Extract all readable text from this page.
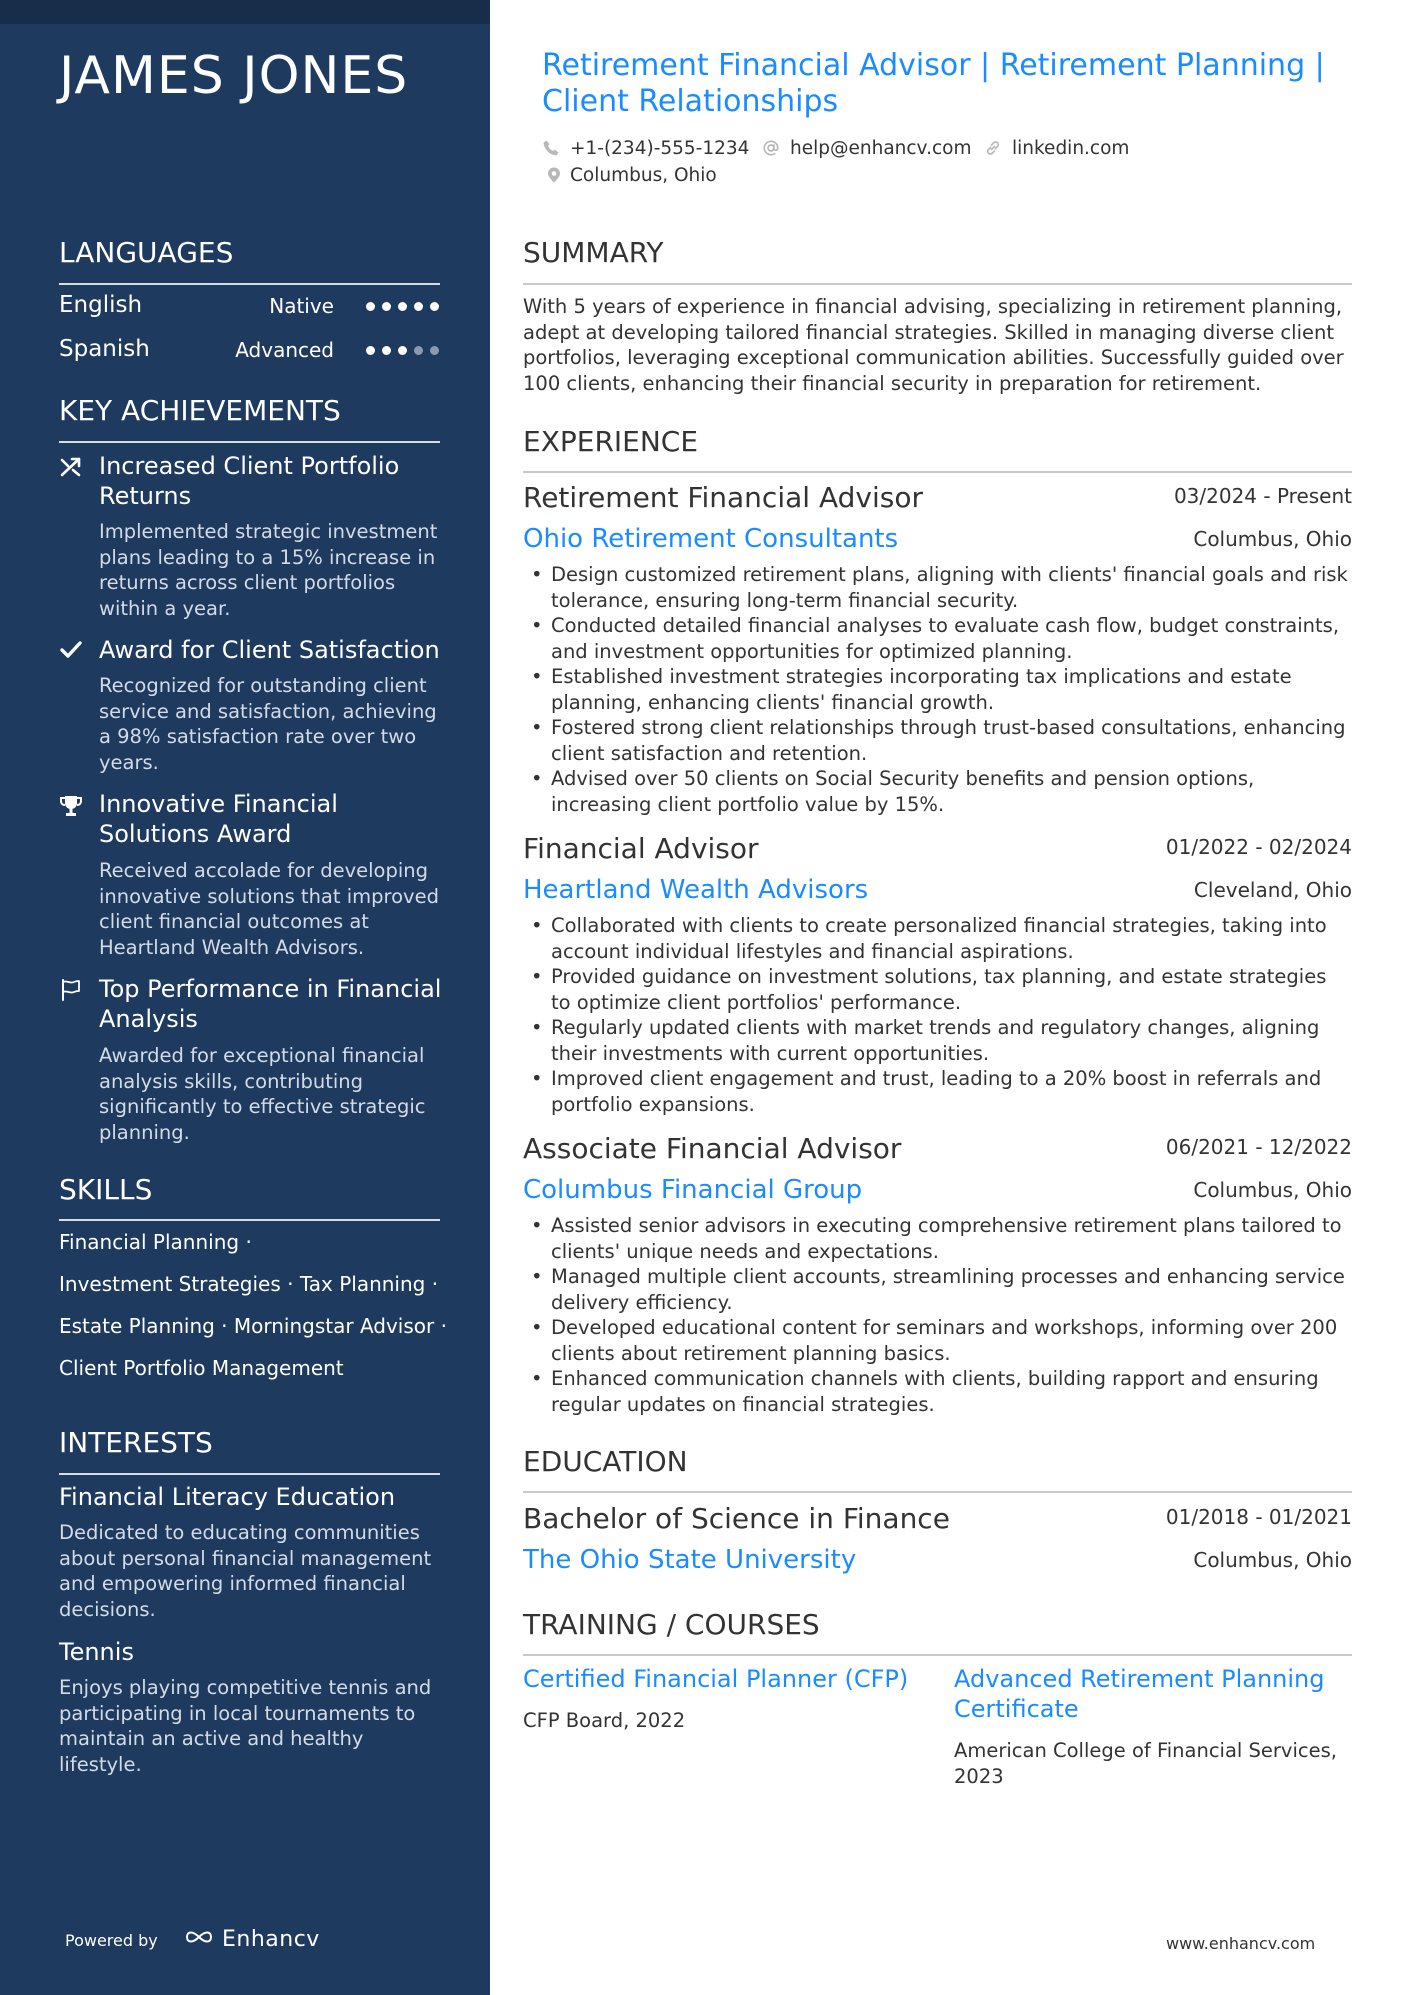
JAMES JONES
LANGUAGES
English	Native
Spanish	Advanced
KEY ACHIEVEMENTS
Increased Client Portfolio Returns
Implemented strategic investment plans leading to a 15% increase in returns across client portfolios within a year.
Award for Client Satisfaction
Recognized for outstanding client service and satisfaction, achieving a 98% satisfaction rate over two years.
Innovative Financial Solutions Award
Received accolade for developing innovative solutions that improved client financial outcomes at Heartland Wealth Advisors.
Top Performance in Financial Analysis
Awarded for exceptional financial analysis skills, contributing significantly to effective strategic planning.
SKILLS
Financial Planning ·
Investment Strategies · Tax Planning ·
Estate Planning · Morningstar Advisor ·
Client Portfolio Management
INTERESTS
Financial Literacy Education
Dedicated to educating communities about personal financial management and empowering informed financial decisions.
Tennis
Enjoys playing competitive tennis and participating in local tournaments to maintain an active and healthy lifestyle.
Powered by	Enhancv
Retirement Financial Advisor | Retirement Planning | Client Relationships
+1-(234)-555-1234 help@enhancv.com linkedin.com
Columbus, Ohio
SUMMARY
With 5 years of experience in financial advising, specializing in retirement planning, adept at developing tailored financial strategies. Skilled in managing diverse client portfolios, leveraging exceptional communication abilities. Successfully guided over 100 clients, enhancing their financial security in preparation for retirement.
EXPERIENCE
Retirement Financial Advisor	03/2024 - Present
Ohio Retirement Consultants	Columbus, Ohio
• Design customized retirement plans, aligning with clients' financial goals and risk tolerance, ensuring long-term financial security.
• Conducted detailed financial analyses to evaluate cash flow, budget constraints, and investment opportunities for optimized planning.
• Established investment strategies incorporating tax implications and estate planning, enhancing clients' financial growth.
• Fostered strong client relationships through trust-based consultations, enhancing client satisfaction and retention.
• Advised over 50 clients on Social Security benefits and pension options, increasing client portfolio value by 15%.
Financial Advisor	01/2022 - 02/2024
Heartland Wealth Advisors	Cleveland, Ohio
• Collaborated with clients to create personalized financial strategies, taking into account individual lifestyles and financial aspirations.
• Provided guidance on investment solutions, tax planning, and estate strategies to optimize client portfolios' performance.
• Regularly updated clients with market trends and regulatory changes, aligning their investments with current opportunities.
• Improved client engagement and trust, leading to a 20% boost in referrals and portfolio expansions.
Associate Financial Advisor	06/2021 - 12/2022
Columbus Financial Group	Columbus, Ohio
• Assisted senior advisors in executing comprehensive retirement plans tailored to clients' unique needs and expectations.
• Managed multiple client accounts, streamlining processes and enhancing service delivery efficiency.
• Developed educational content for seminars and workshops, informing over 200 clients about retirement planning basics.
• Enhanced communication channels with clients, building rapport and ensuring regular updates on financial strategies.
EDUCATION
Bachelor of Science in Finance	01/2018 - 01/2021
The Ohio State University	Columbus, Ohio
TRAINING / COURSES
Certified Financial Planner (CFP)
CFP Board, 2022
Advanced Retirement Planning Certificate
American College of Financial Services, 2023
www.enhancv.com
